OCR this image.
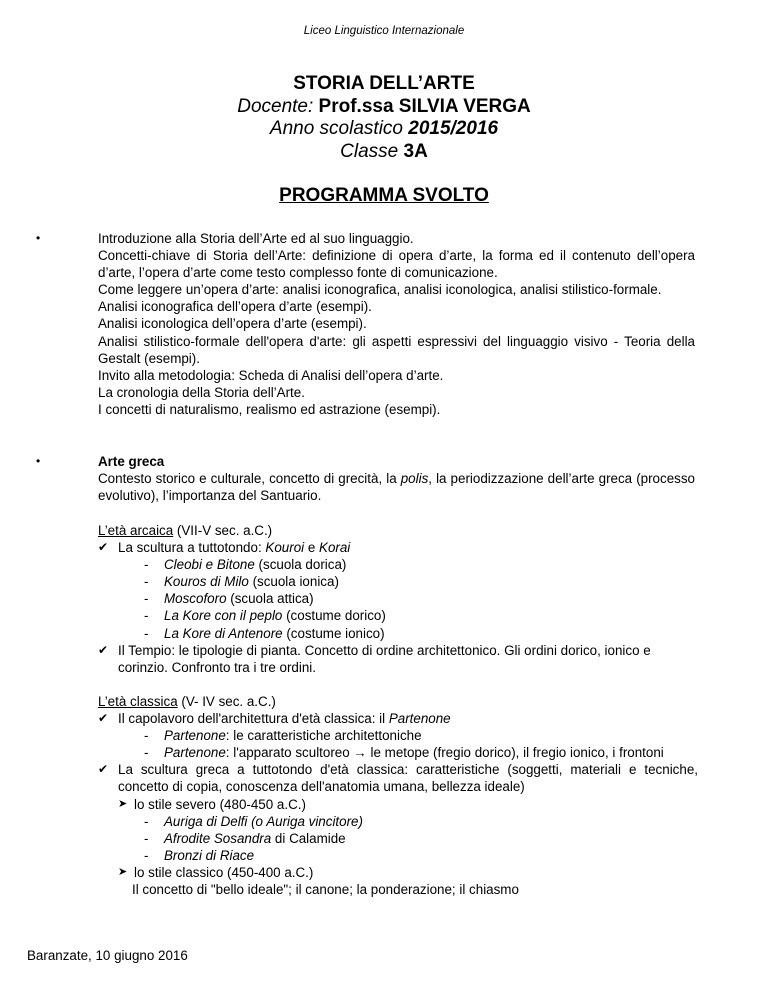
Liceo Linguistico Internazionale
STORIA DELL’ARTE
Docente: Prof.ssa SILVIA VERGA
Anno scolastico 2015/2016
Classe 3A
PROGRAMMA SVOLTO
•	Introduzione alla Storia dell’Arte ed al suo linguaggio.

Concetti-chiave di Storia dell’Arte: definizione di opera d’arte, la forma ed il contenuto dell’opera d’arte, l’opera d’arte come testo complesso fonte di comunicazione.

Come leggere un’opera d’arte: analisi iconografica, analisi iconologica, analisi stilistico-formale.

Analisi iconografica dell’opera d’arte (esempi).

Analisi iconologica dell’opera d’arte (esempi).

Analisi stilistico-formale dell'opera d'arte: gli aspetti espressivi del linguaggio visivo - Teoria della Gestalt (esempi).

Invito alla metodologia: Scheda di Analisi dell’opera d’arte.

La cronologia della Storia dell’Arte.

I concetti di naturalismo, realismo ed astrazione (esempi).

•	Arte greca

Contesto storico e culturale, concetto di grecità, la polis, la periodizzazione dell’arte greca (processo evolutivo), l’importanza del Santuario.

L’età arcaica (VII-V sec. a.C.)
✔ La scultura a tuttotondo: Kouroi e Korai
- Cleobi e Bitone (scuola dorica)
- Kouros di Milo (scuola ionica)
- Moscoforo (scuola attica)
- La Kore con il peplo (costume dorico)
- La Kore di Antenore (costume ionico)
✔ Il Tempio: le tipologie di pianta. Concetto di ordine architettonico. Gli ordini dorico, ionico e corinzio. Confronto tra i tre ordini.
L’età classica (V- IV sec. a.C.)
✔ Il capolavoro dell'architettura d'età classica: il Partenone
- Partenone: le caratteristiche architettoniche
- Partenone: l'apparato scultoreo → le metope (fregio dorico), il fregio ionico, i frontoni
✔ La scultura greca a tuttotondo d'età classica: caratteristiche (soggetti, materiali e tecniche, concetto di copia, conoscenza dell'anatomia umana, bellezza ideale)
➤ lo stile severo (480-450 a.C.)
- Auriga di Delfi (o Auriga vincitore)
- Afrodite Sosandra di Calamide
- Bronzi di Riace
➤ lo stile classico (450-400 a.C.)
Il concetto di "bello ideale"; il canone; la ponderazione; il chiasmo
Baranzate, 10 giugno 2016
